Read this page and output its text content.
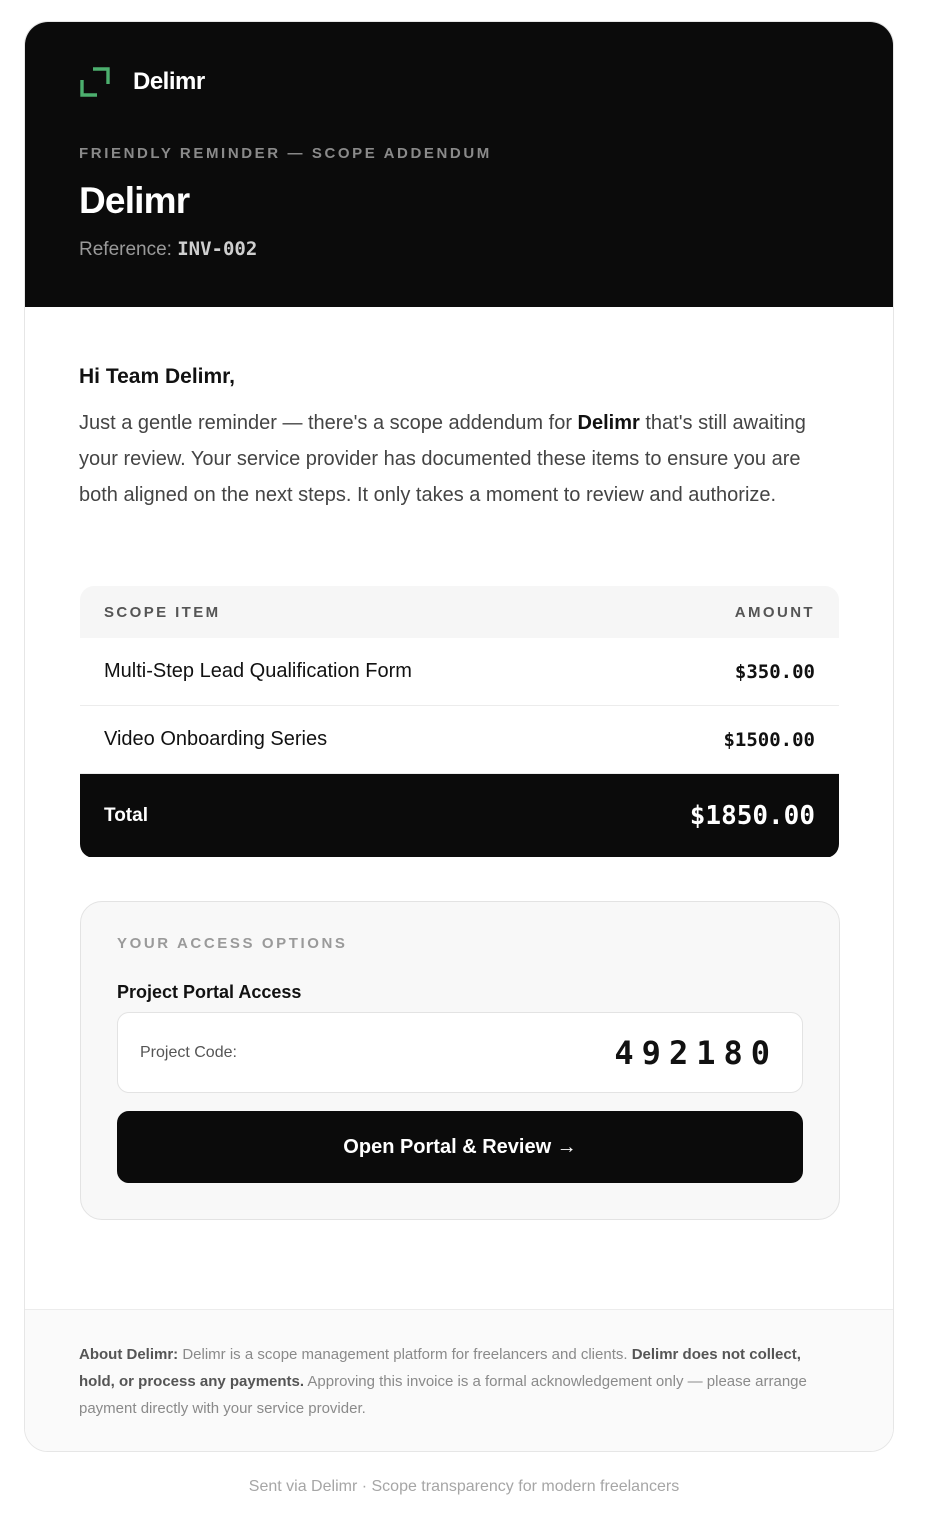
Delimr
FRIENDLY REMINDER — SCOPE ADDENDUM
Delimr
Reference: INV-002
Hi Team Delimr,
Just a gentle reminder — there's a scope addendum for Delimr that's still awaiting your review. Your service provider has documented these items to ensure you are both aligned on the next steps. It only takes a moment to review and authorize.
SCOPE ITEM	AMOUNT
Multi-Step Lead Qualification Form	$350.00
Video Onboarding Series	$1500.00
Total	$1850.00
YOUR ACCESS OPTIONS
Project Portal Access
Project Code:	492180
Open Portal & Review →
About Delimr: Delimr is a scope management platform for freelancers and clients. Delimr does not collect, hold, or process any payments. Approving this invoice is a formal acknowledgement only — please arrange payment directly with your service provider.
Sent via Delimr · Scope transparency for modern freelancers
